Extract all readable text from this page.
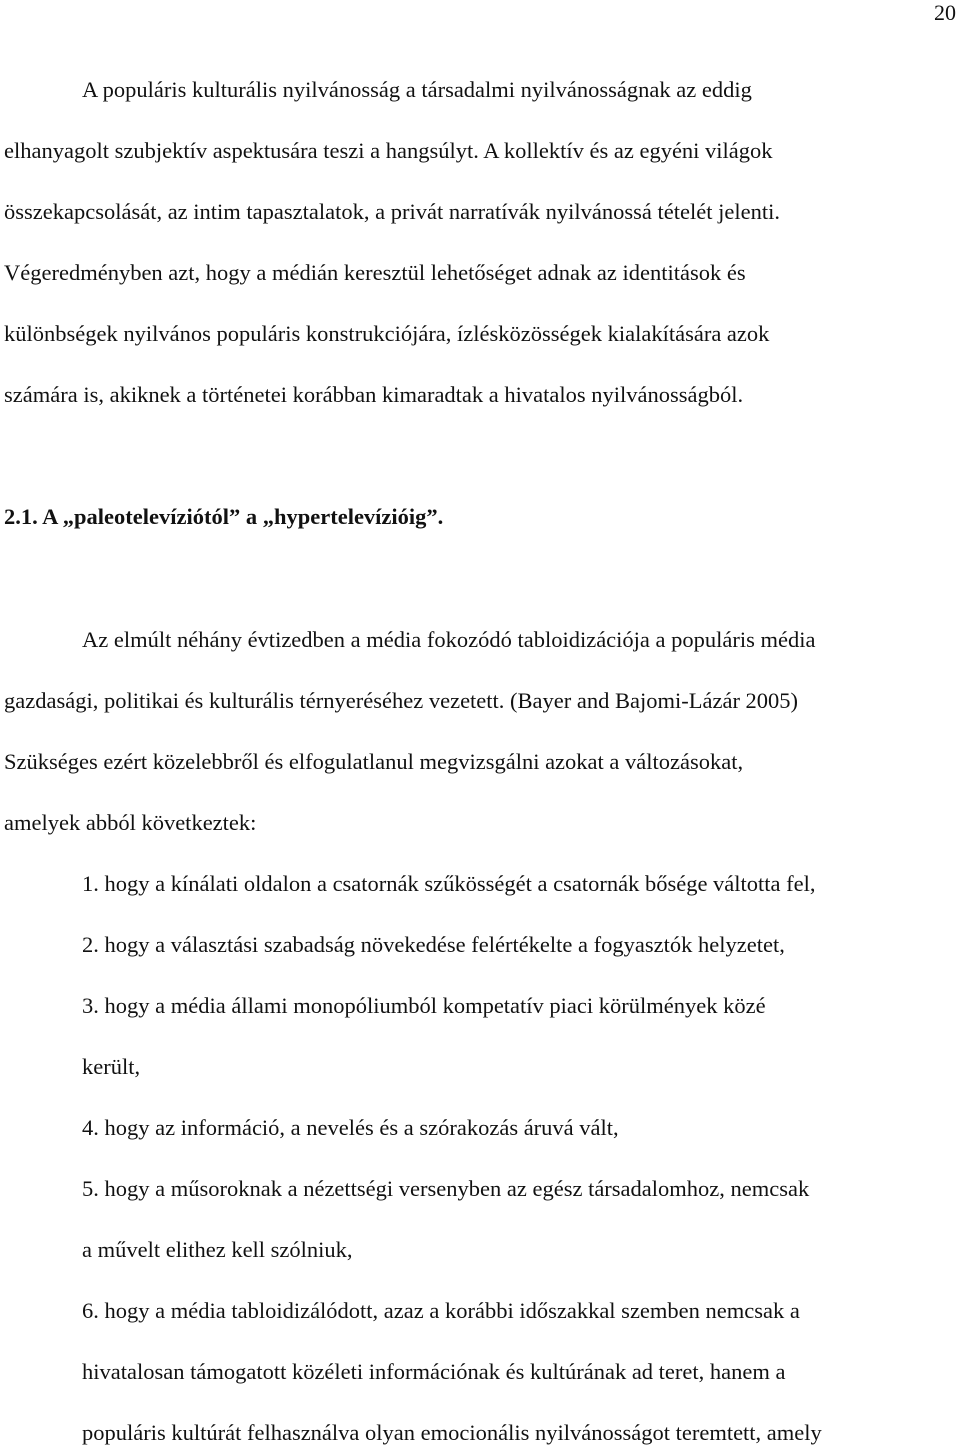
20
A populáris kulturális nyilvánosság a társadalmi nyilvánosságnak az eddig
elhanyagolt szubjektív aspektusára teszi a hangsúlyt. A kollektív és az egyéni világok
összekapcsolását, az intim tapasztalatok, a privát narratívák nyilvánossá tételét jelenti.
Végeredményben azt, hogy a médián keresztül lehetőséget adnak az identitások és
különbségek nyilvános populáris konstrukciójára, ízlésközösségek kialakítására azok
számára is, akiknek a történetei korábban kimaradtak a hivatalos nyilvánosságból.
2.1. A „paleotelevíziótól” a „hypertelevízióig”.
Az elmúlt néhány évtizedben a média fokozódó tabloidizációja a populáris média
gazdasági, politikai és kulturális térnyeréséhez vezetett. (Bayer and Bajomi-Lázár 2005)
Szükséges ezért közelebbről és elfogulatlanul megvizsgálni azokat a változásokat,
amelyek abból következtek:
1. hogy a kínálati oldalon a csatornák szűkösségét a csatornák bősége váltotta fel,
2. hogy a választási szabadság növekedése felértékelte a fogyasztók helyzetet,
3. hogy a média állami monopóliumból kompetatív piaci körülmények közé
került,
4. hogy az információ, a nevelés és a szórakozás áruvá vált,
5. hogy a műsoroknak a nézettségi versenyben az egész társadalomhoz, nemcsak
a művelt elithez kell szólniuk,
6. hogy a média tabloidizálódott, azaz a korábbi időszakkal szemben nemcsak a
hivatalosan támogatott közéleti információnak és kultúrának ad teret, hanem a
populáris kultúrát felhasználva olyan emocionális nyilvánosságot teremtett, amely
